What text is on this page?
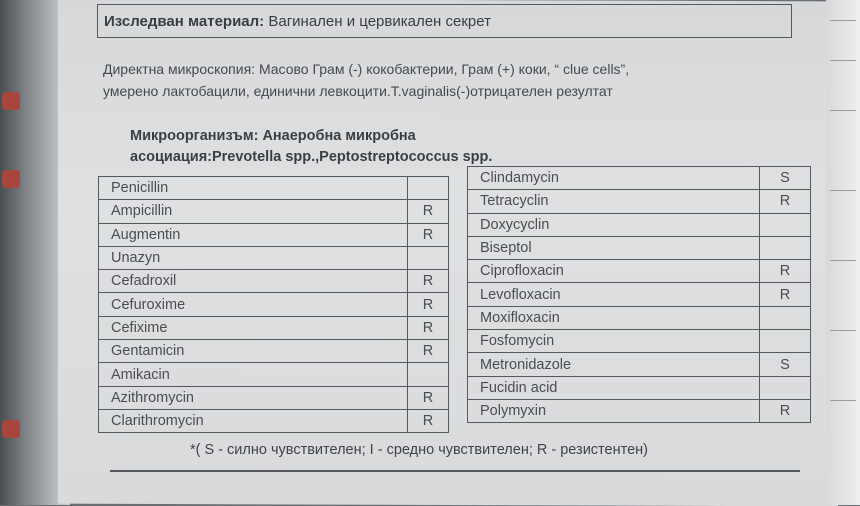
Изследван материал: Вагинален и цервикален секрет
Директна микроскопия: Масово Грам (-) кокобактерии, Грам (+) коки, “ clue cells”,
умерено лактобацили, единични левкоцити.T.vaginalis(-)отрицателен резултат
Микроорганизъм: Анаеробна микробна
асоциация:Prevotella spp.,Peptostreptococcus spp.
Penicillin	
Ampicillin	R
Augmentin	R
Unazyn	
Cefadroxil	R
Cefuroxime	R
Cefixime	R
Gentamicin	R
Amikacin	
Azithromycin	R
Clarithromycin	R
Clindamycin	S
Tetracyclin	R
Doxycyclin	
Biseptol	
Ciprofloxacin	R
Levofloxacin	R
Moxifloxacin	
Fosfomycin	
Metronidazole	S
Fucidin acid	
Polymyxin	R
*( S - силно чувствителен; I - средно чувствителен; R - резистентен)
